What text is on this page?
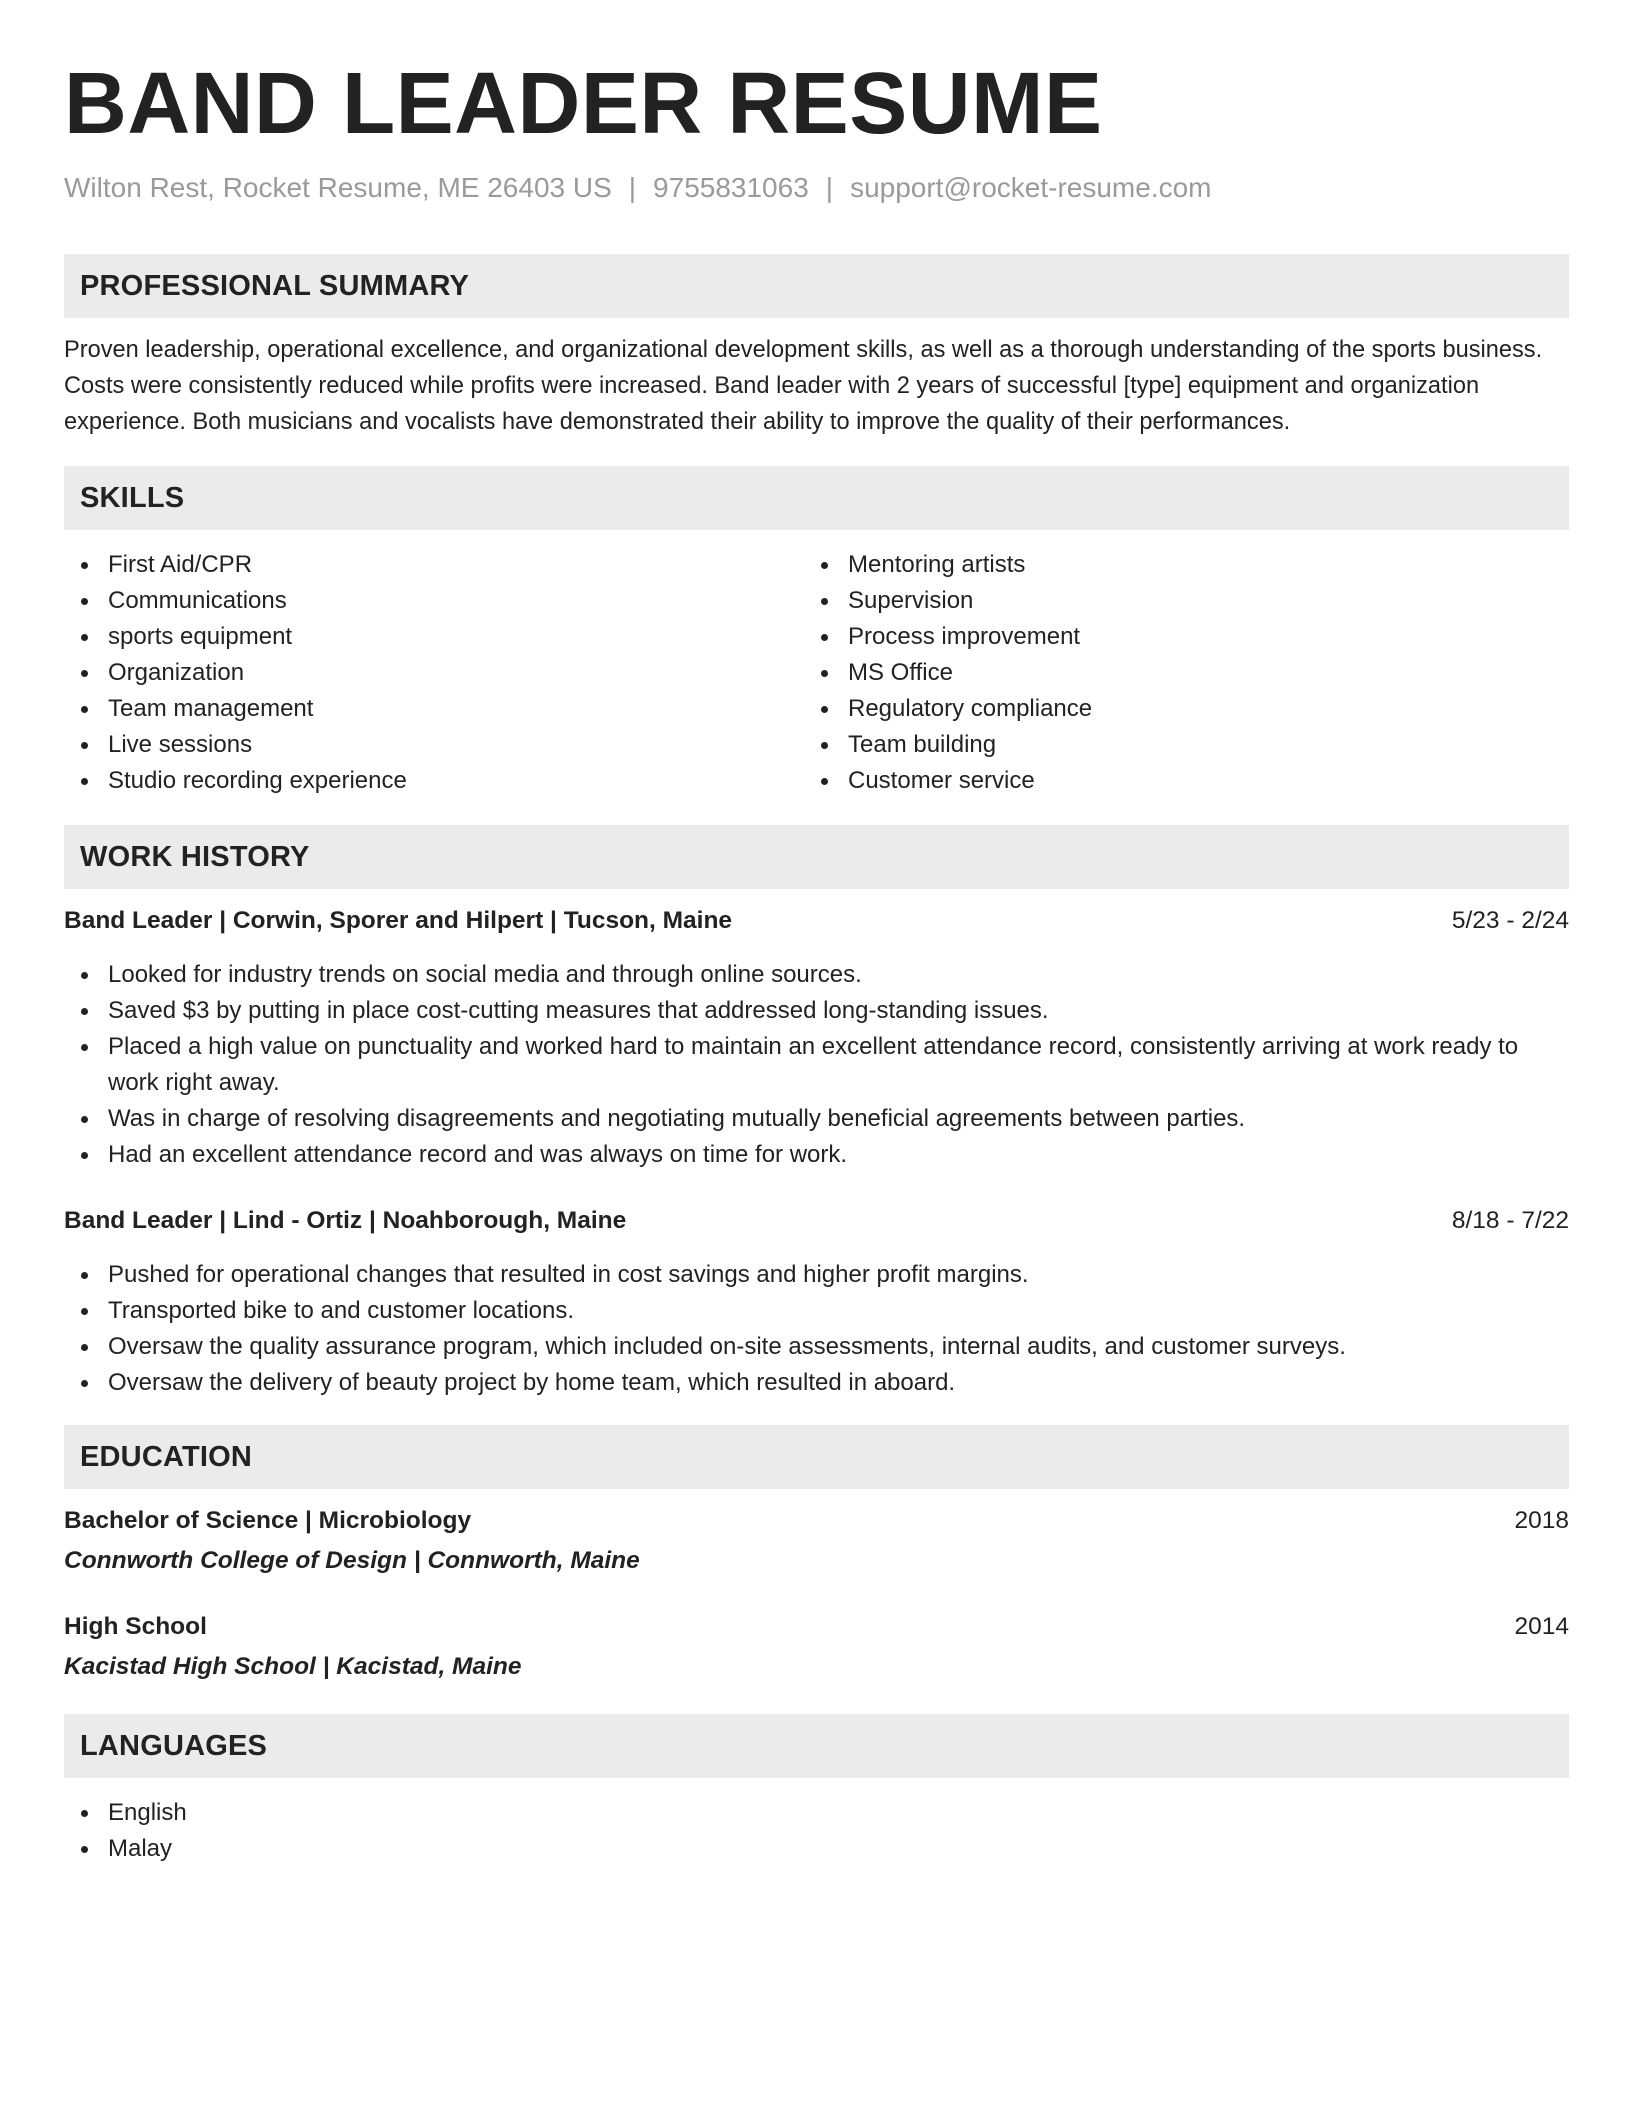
BAND LEADER RESUME
Wilton Rest, Rocket Resume, ME 26403 US | 9755831063 | support@rocket-resume.com
PROFESSIONAL SUMMARY

Proven leadership, operational excellence, and organizational development skills, as well as a thorough understanding of the sports business. Costs were consistently reduced while profits were increased. Band leader with 2 years of successful [type] equipment and organization experience. Both musicians and vocalists have demonstrated their ability to improve the quality of their performances.

SKILLS
First Aid/CPR
Communications
sports equipment
Organization
Team management
Live sessions
Studio recording experience
Mentoring artists
Supervision
Process improvement
MS Office
Regulatory compliance
Team building
Customer service
WORK HISTORY
Band Leader | Corwin, Sporer and Hilpert | Tucson, Maine	5/23 - 2/24
Looked for industry trends on social media and through online sources.
Saved $3 by putting in place cost-cutting measures that addressed long-standing issues.
Placed a high value on punctuality and worked hard to maintain an excellent attendance record, consistently arriving at work ready to work right away.
Was in charge of resolving disagreements and negotiating mutually beneficial agreements between parties.
Had an excellent attendance record and was always on time for work.
Band Leader | Lind - Ortiz | Noahborough, Maine	8/18 - 7/22
Pushed for operational changes that resulted in cost savings and higher profit margins.
Transported bike to and customer locations.
Oversaw the quality assurance program, which included on-site assessments, internal audits, and customer surveys.
Oversaw the delivery of beauty project by home team, which resulted in aboard.
EDUCATION
Bachelor of Science | Microbiology	2018
Connworth College of Design | Connworth, Maine
High School	2014
Kacistad High School | Kacistad, Maine
LANGUAGES
English
Malay
